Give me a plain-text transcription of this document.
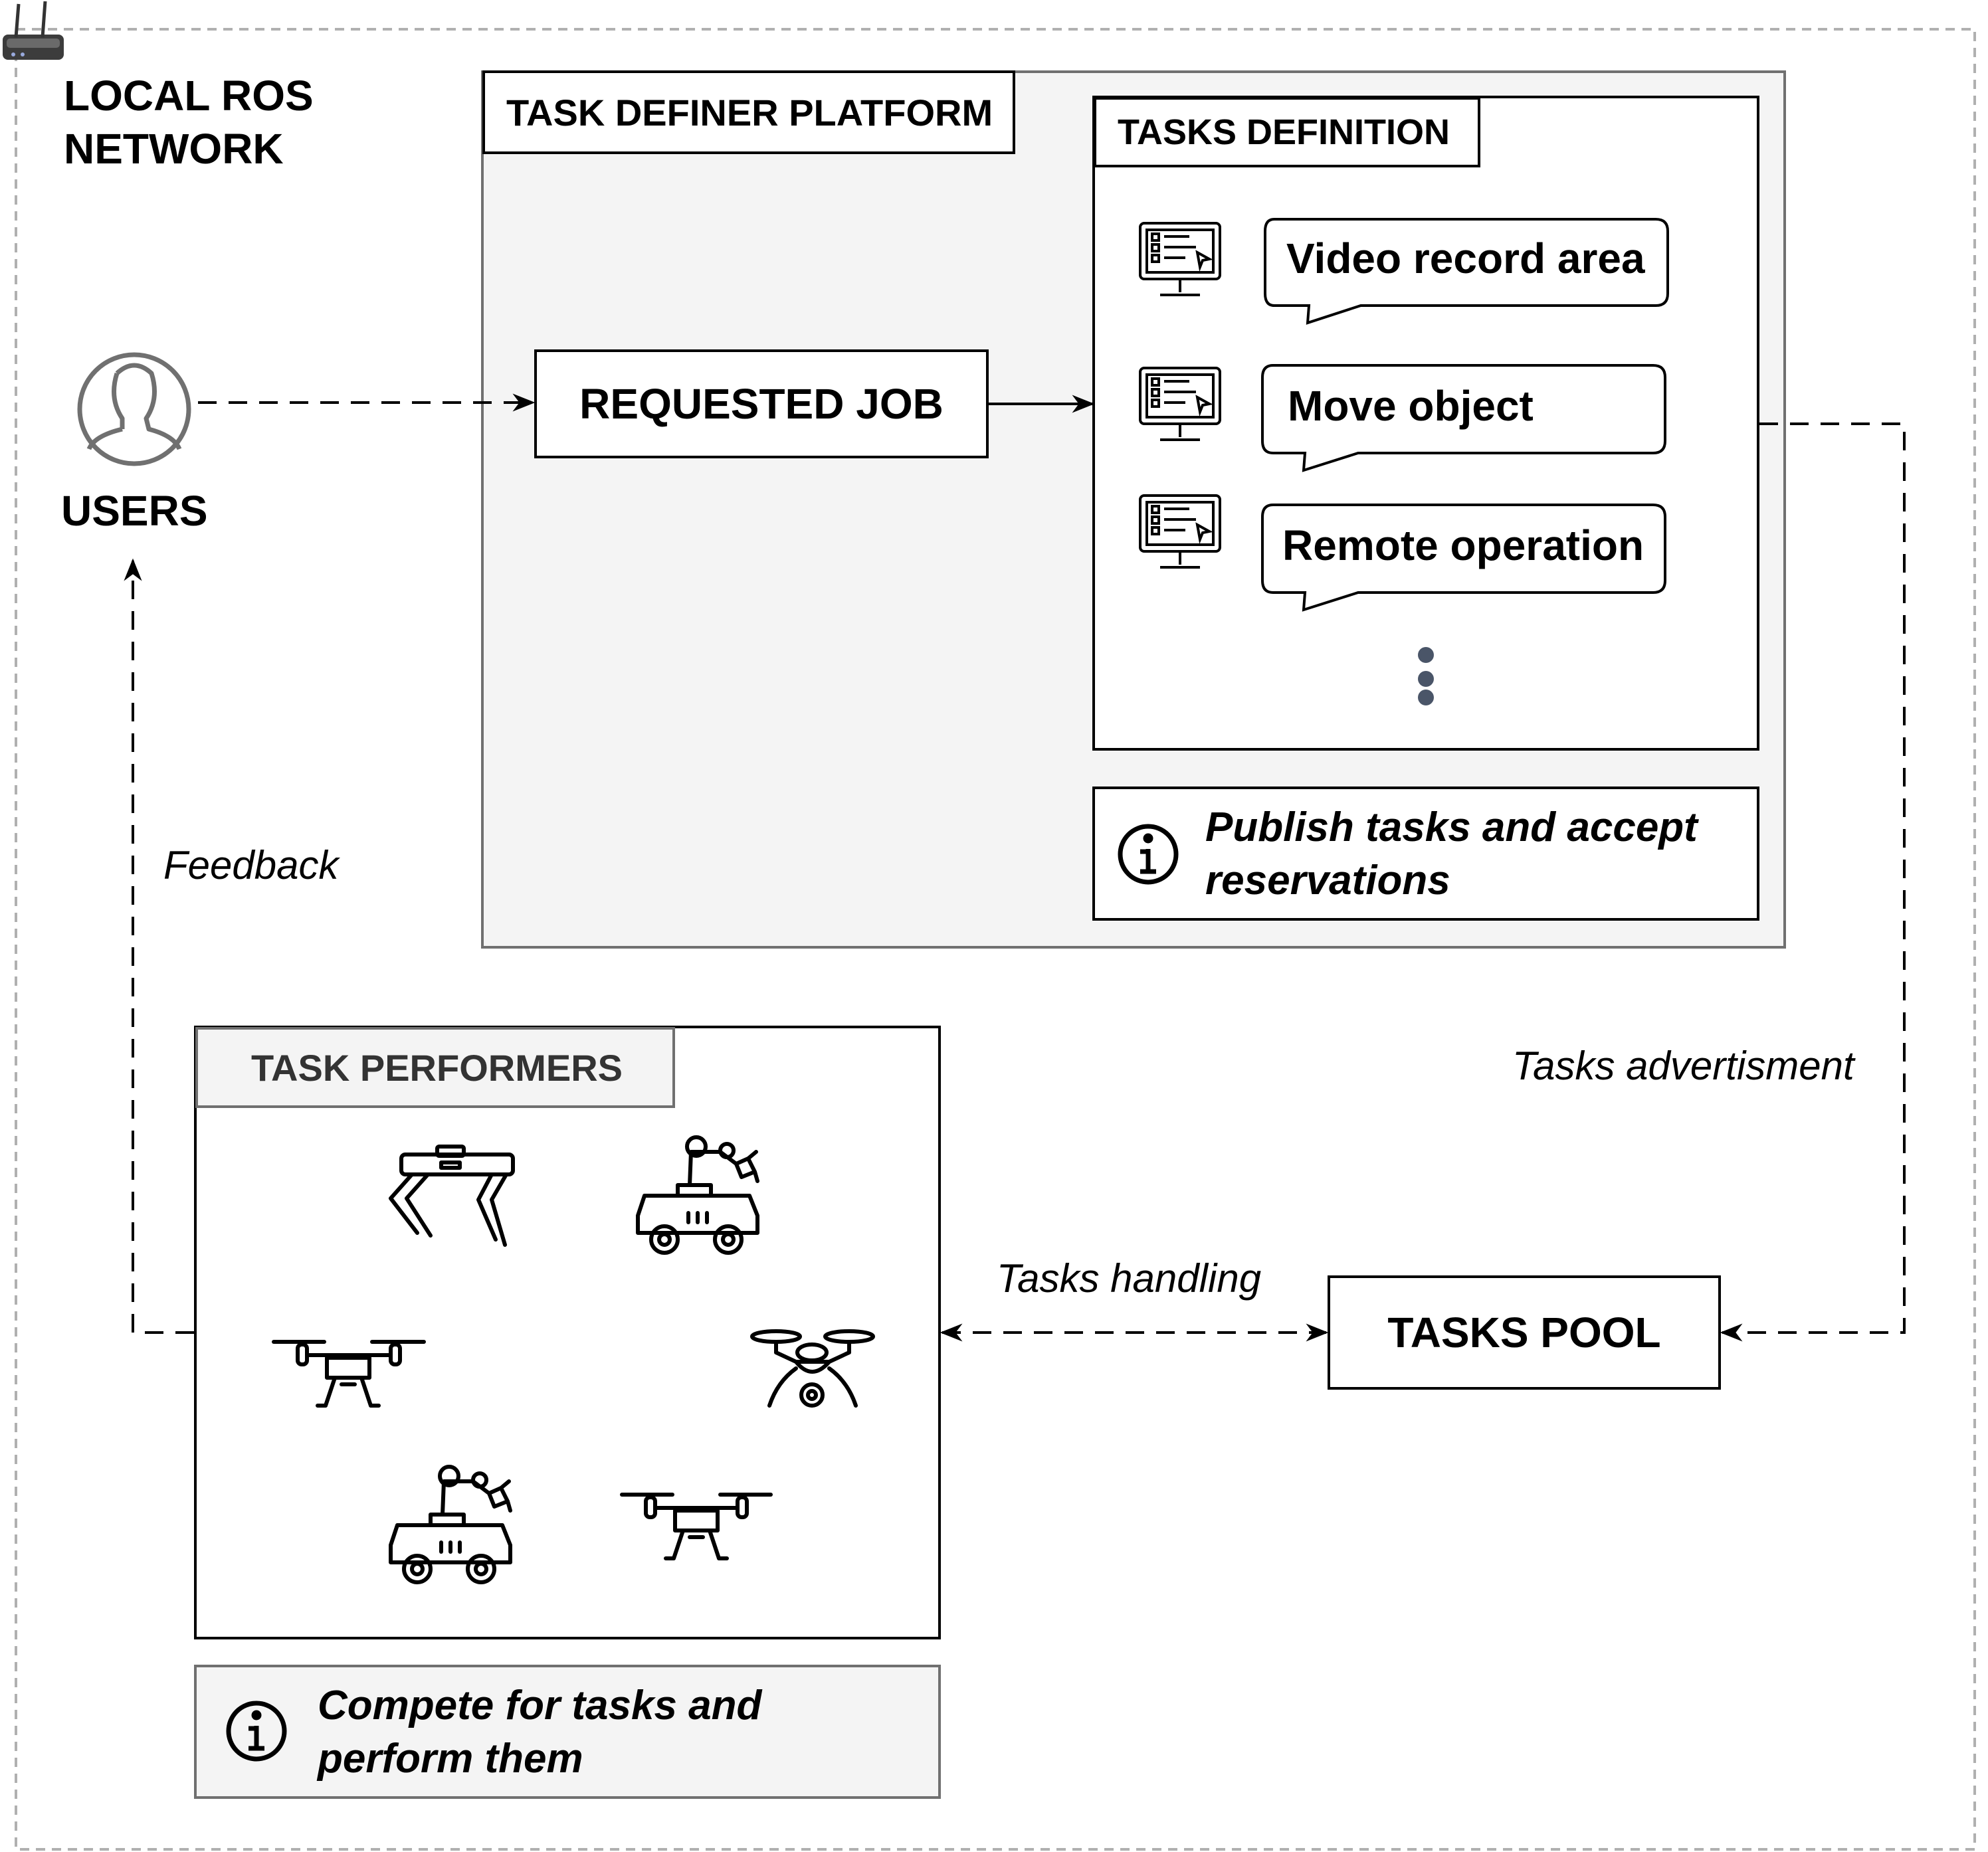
LOCAL ROS
NETWORK
USERS
TASK DEFINER PLATFORM
REQUESTED JOB
TASKS DEFINITION
Video record area
Move object
Remote operation
Publish tasks and accept
reservations
TASK PERFORMERS
Compete for tasks and
perform them
TASKS POOL
Feedback
Tasks advertisment
Tasks handling
